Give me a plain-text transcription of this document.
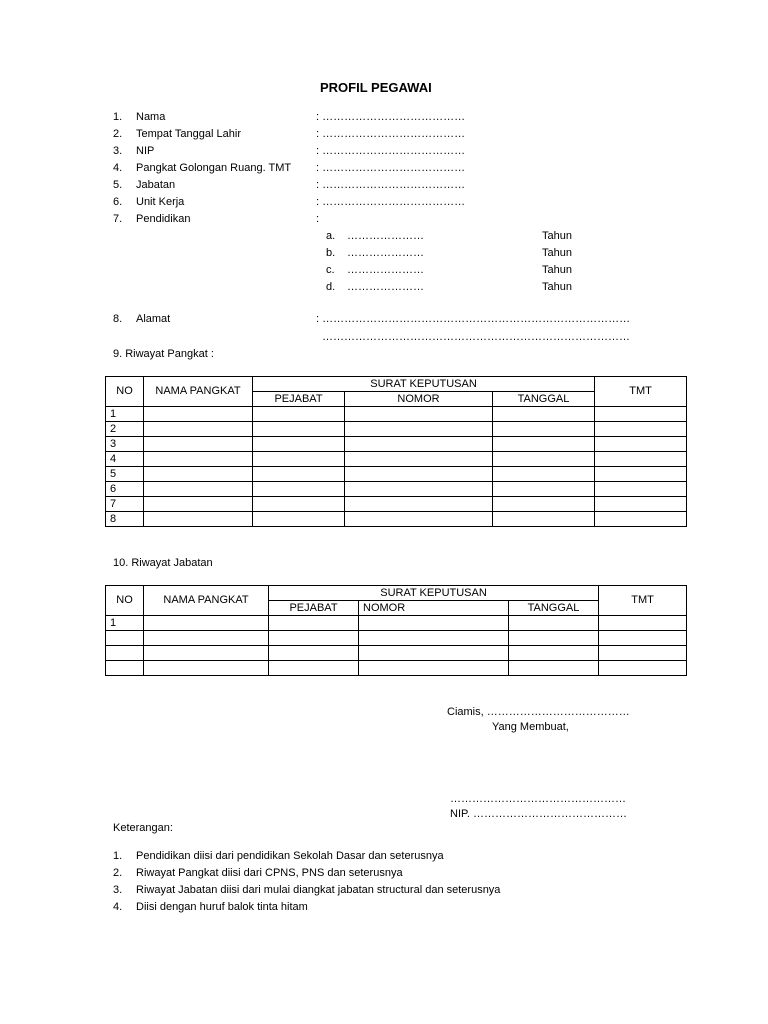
PROFIL PEGAWAI
1. Nama	: …………………………………
2. Tempat Tanggal Lahir	: …………………………………
3. NIP	: …………………………………
4. Pangkat Golongan Ruang. TMT : …………………………………
5. Jabatan	: …………………………………
6. Unit Kerja	: …………………………………
7. Pendidikan	:
a. …………………	Tahun
b. …………………	Tahun
c. …………………	Tahun
d. …………………	Tahun
8. Alamat	: …………………………………………………………………………
…………………………………………………………………………
9. Riwayat Pangkat :
NO	NAMA PANGKAT	SURAT KEPUTUSAN			TMT
		PEJABAT	NOMOR	TANGGAL	
1					
2					
3					
4					
5					
6					
7					
8					
10. Riwayat Jabatan
NO	NAMA PANGKAT	SURAT KEPUTUSAN			TMT
		PEJABAT	NOMOR	TANGGAL	
1					

Ciamis, …………………………………
Yang Membuat,
…………………………………………
NIP. ……………………………………
Keterangan:
1. Pendidikan diisi dari pendidikan Sekolah Dasar dan seterusnya
2. Riwayat Pangkat diisi dari CPNS, PNS dan seterusnya
3. Riwayat Jabatan diisi dari mulai diangkat jabatan structural dan seterusnya
4. Diisi dengan huruf balok tinta hitam
